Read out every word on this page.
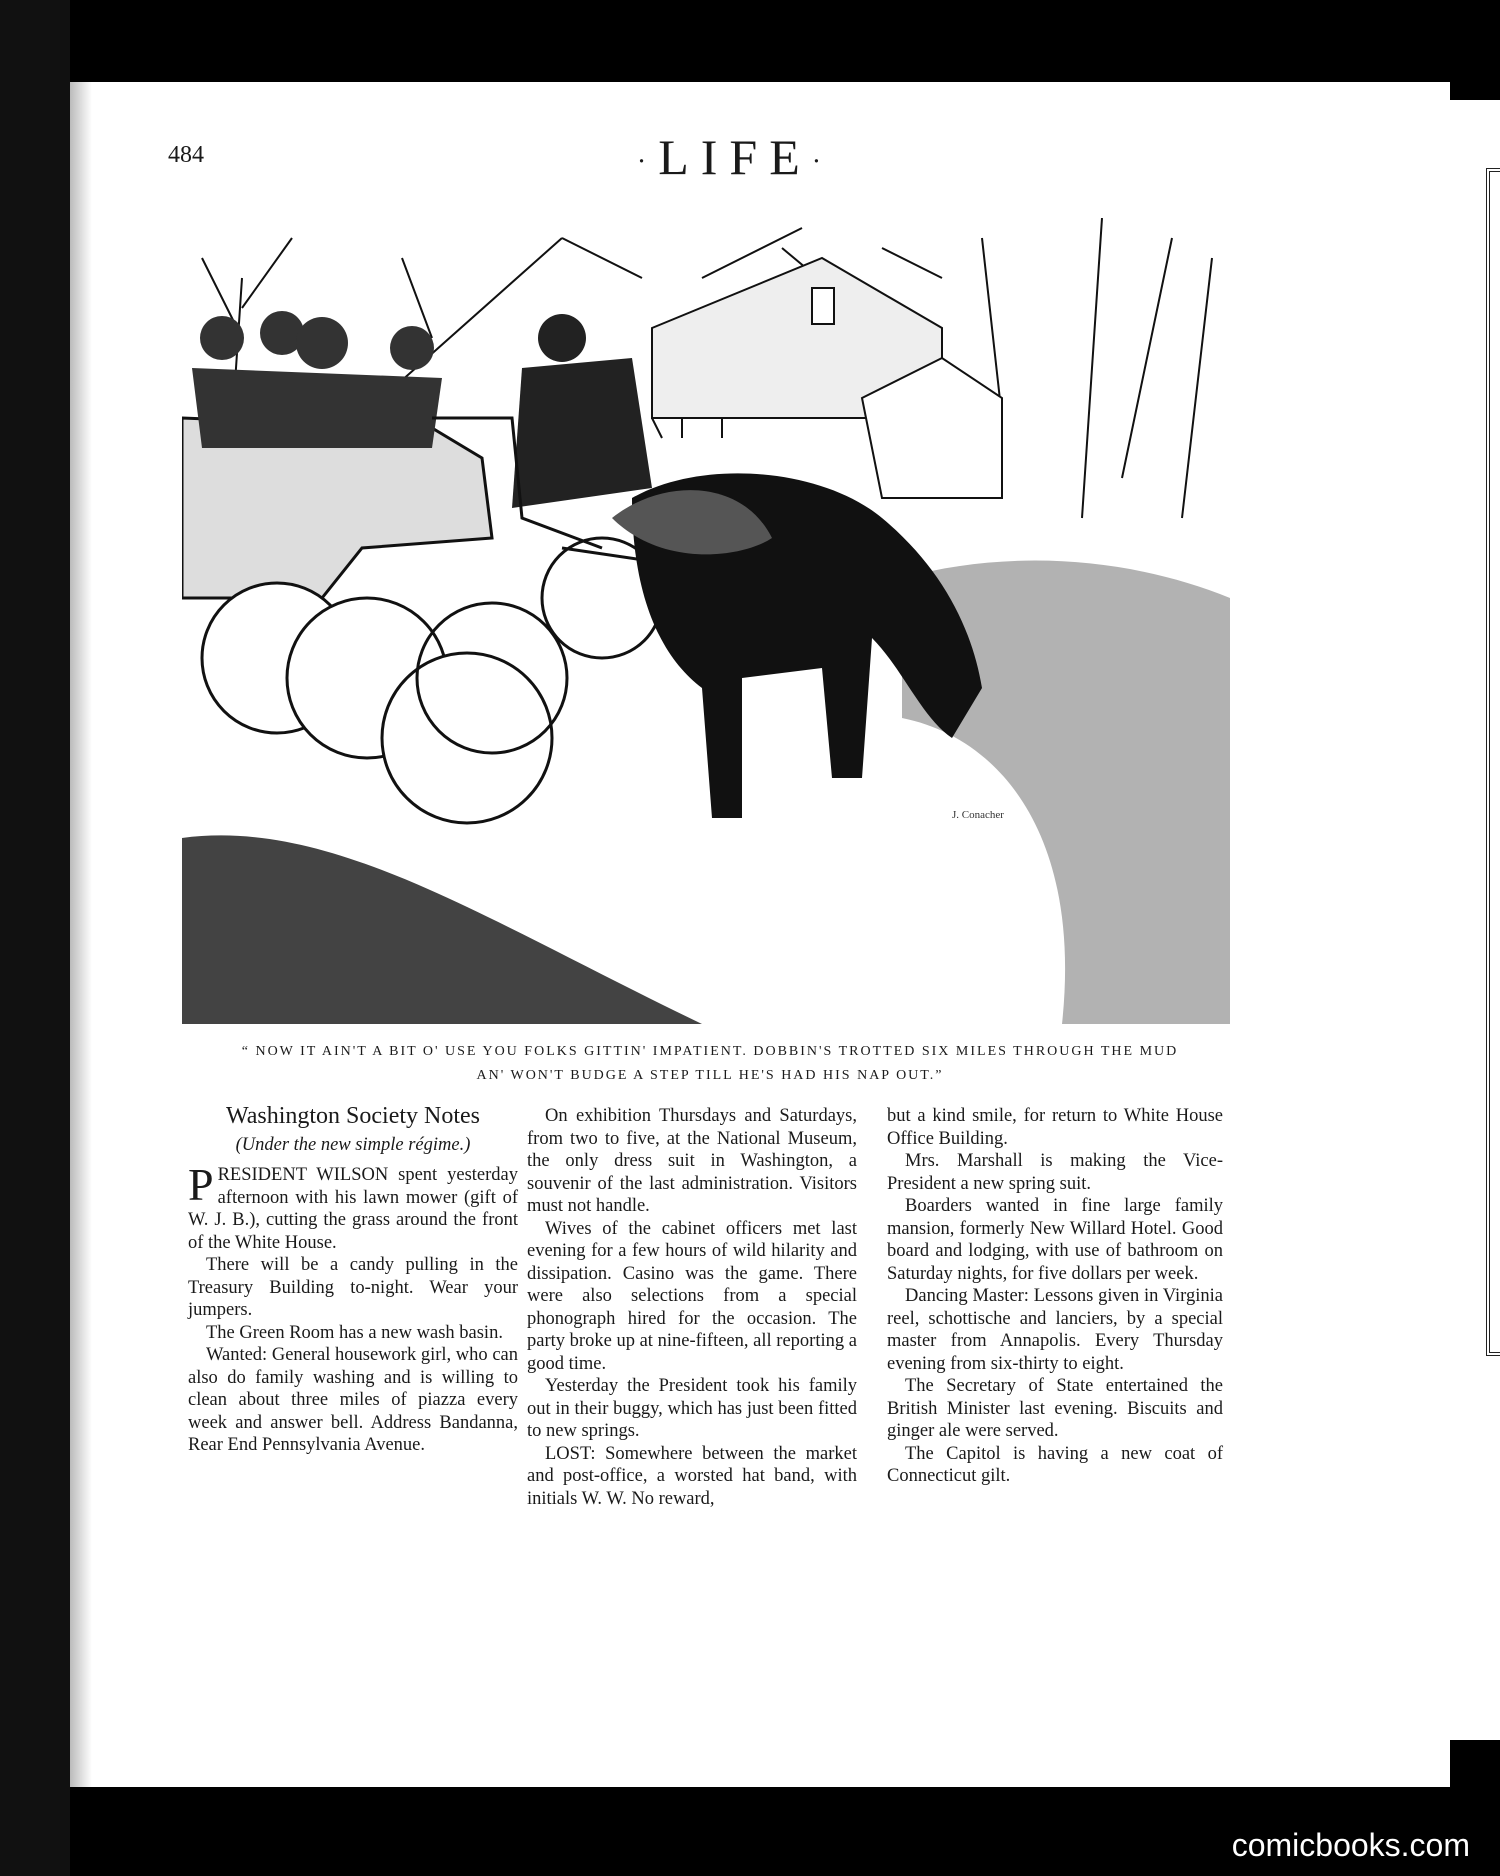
484	·LIFE·
J. Conacher
“ NOW IT AIN'T A BIT O' USE YOU FOLKS GITTIN' IMPATIENT. DOBBIN'S TROTTED SIX MILES THROUGH THE MUD
AN' WON'T BUDGE A STEP TILL HE'S HAD HIS NAP OUT.”
Washington Society Notes
(Under the new simple régime.)

PRESIDENT WILSON spent yesterday afternoon with his lawn mower (gift of W. J. B.), cutting the grass around the front of the White House.

There will be a candy pulling in the Treasury Building to-night. Wear your jumpers.

The Green Room has a new wash basin.

Wanted: General housework girl, who can also do family washing and is willing to clean about three miles of piazza every week and answer bell. Address Bandanna, Rear End Pennsylvania Avenue.

On exhibition Thursdays and Saturdays, from two to five, at the National Museum, the only dress suit in Washington, a souvenir of the last administration. Visitors must not handle.

Wives of the cabinet officers met last evening for a few hours of wild hilarity and dissipation. Casino was the game. There were also selections from a special phonograph hired for the occasion. The party broke up at nine-fifteen, all reporting a good time.

Yesterday the President took his family out in their buggy, which has just been fitted to new springs.

LOST: Somewhere between the market and post-office, a worsted hat band, with initials W. W. No reward,

but a kind smile, for return to White House Office Building.

Mrs. Marshall is making the Vice-President a new spring suit.

Boarders wanted in fine large family mansion, formerly New Willard Hotel. Good board and lodging, with use of bathroom on Saturday nights, for five dollars per week.

Dancing Master: Lessons given in Virginia reel, schottische and lanciers, by a special master from Annapolis. Every Thursday evening from six-thirty to eight.

The Secretary of State entertained the British Minister last evening. Biscuits and ginger ale were served.

The Capitol is having a new coat of Connecticut gilt.

comicbooks.com
